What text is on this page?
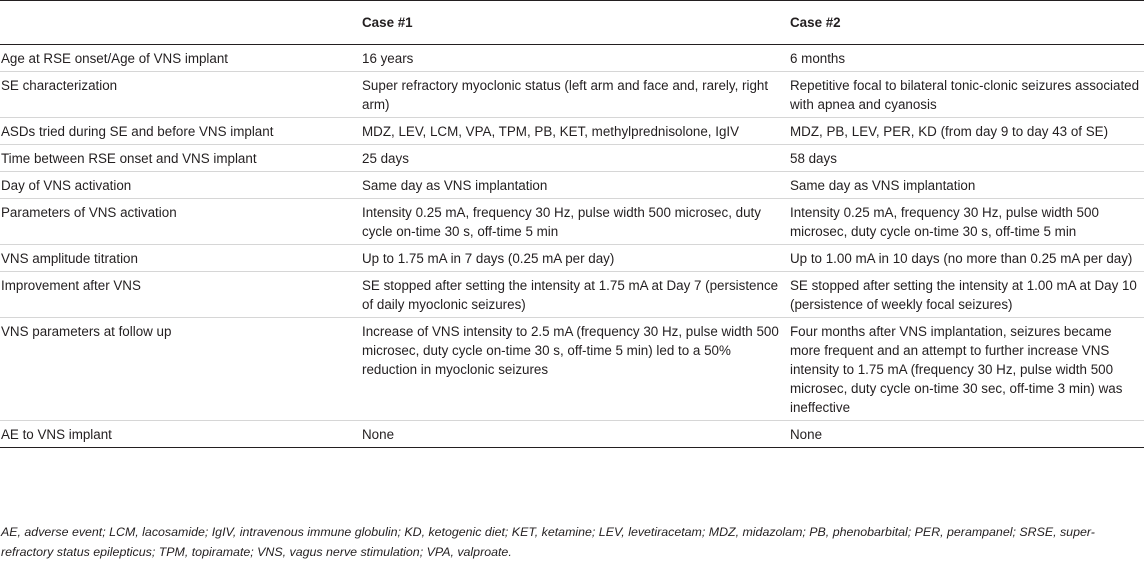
	Case #1	Case #2
Age at RSE onset/Age of VNS implant	16 years	6 months
SE characterization	Super refractory myoclonic status (left arm and face and, rarely, right arm)	Repetitive focal to bilateral tonic-clonic seizures associated with apnea and cyanosis
ASDs tried during SE and before VNS implant	MDZ, LEV, LCM, VPA, TPM, PB, KET, methylprednisolone, IgIV	MDZ, PB, LEV, PER, KD (from day 9 to day 43 of SE)
Time between RSE onset and VNS implant	25 days	58 days
Day of VNS activation	Same day as VNS implantation	Same day as VNS implantation
Parameters of VNS activation	Intensity 0.25 mA, frequency 30 Hz, pulse width 500 microsec, duty cycle on-time 30 s, off-time 5 min	Intensity 0.25 mA, frequency 30 Hz, pulse width 500 microsec, duty cycle on-time 30 s, off-time 5 min
VNS amplitude titration	Up to 1.75 mA in 7 days (0.25 mA per day)	Up to 1.00 mA in 10 days (no more than 0.25 mA per day)
Improvement after VNS	SE stopped after setting the intensity at 1.75 mA at Day 7 (persistence of daily myoclonic seizures)	SE stopped after setting the intensity at 1.00 mA at Day 10 (persistence of weekly focal seizures)
VNS parameters at follow up	Increase of VNS intensity to 2.5 mA (frequency 30 Hz, pulse width 500 microsec, duty cycle on-time 30 s, off-time 5 min) led to a 50% reduction in myoclonic seizures	Four months after VNS implantation, seizures became more frequent and an attempt to further increase VNS intensity to 1.75 mA (frequency 30 Hz, pulse width 500 microsec, duty cycle on-time 30 sec, off-time 3 min) was ineffective
AE to VNS implant	None	None
AE, adverse event; LCM, lacosamide; IgIV, intravenous immune globulin; KD, ketogenic diet; KET, ketamine; LEV, levetiracetam; MDZ, midazolam; PB, phenobarbital; PER, perampanel; SRSE, super-refractory status epilepticus; TPM, topiramate; VNS, vagus nerve stimulation; VPA, valproate.
